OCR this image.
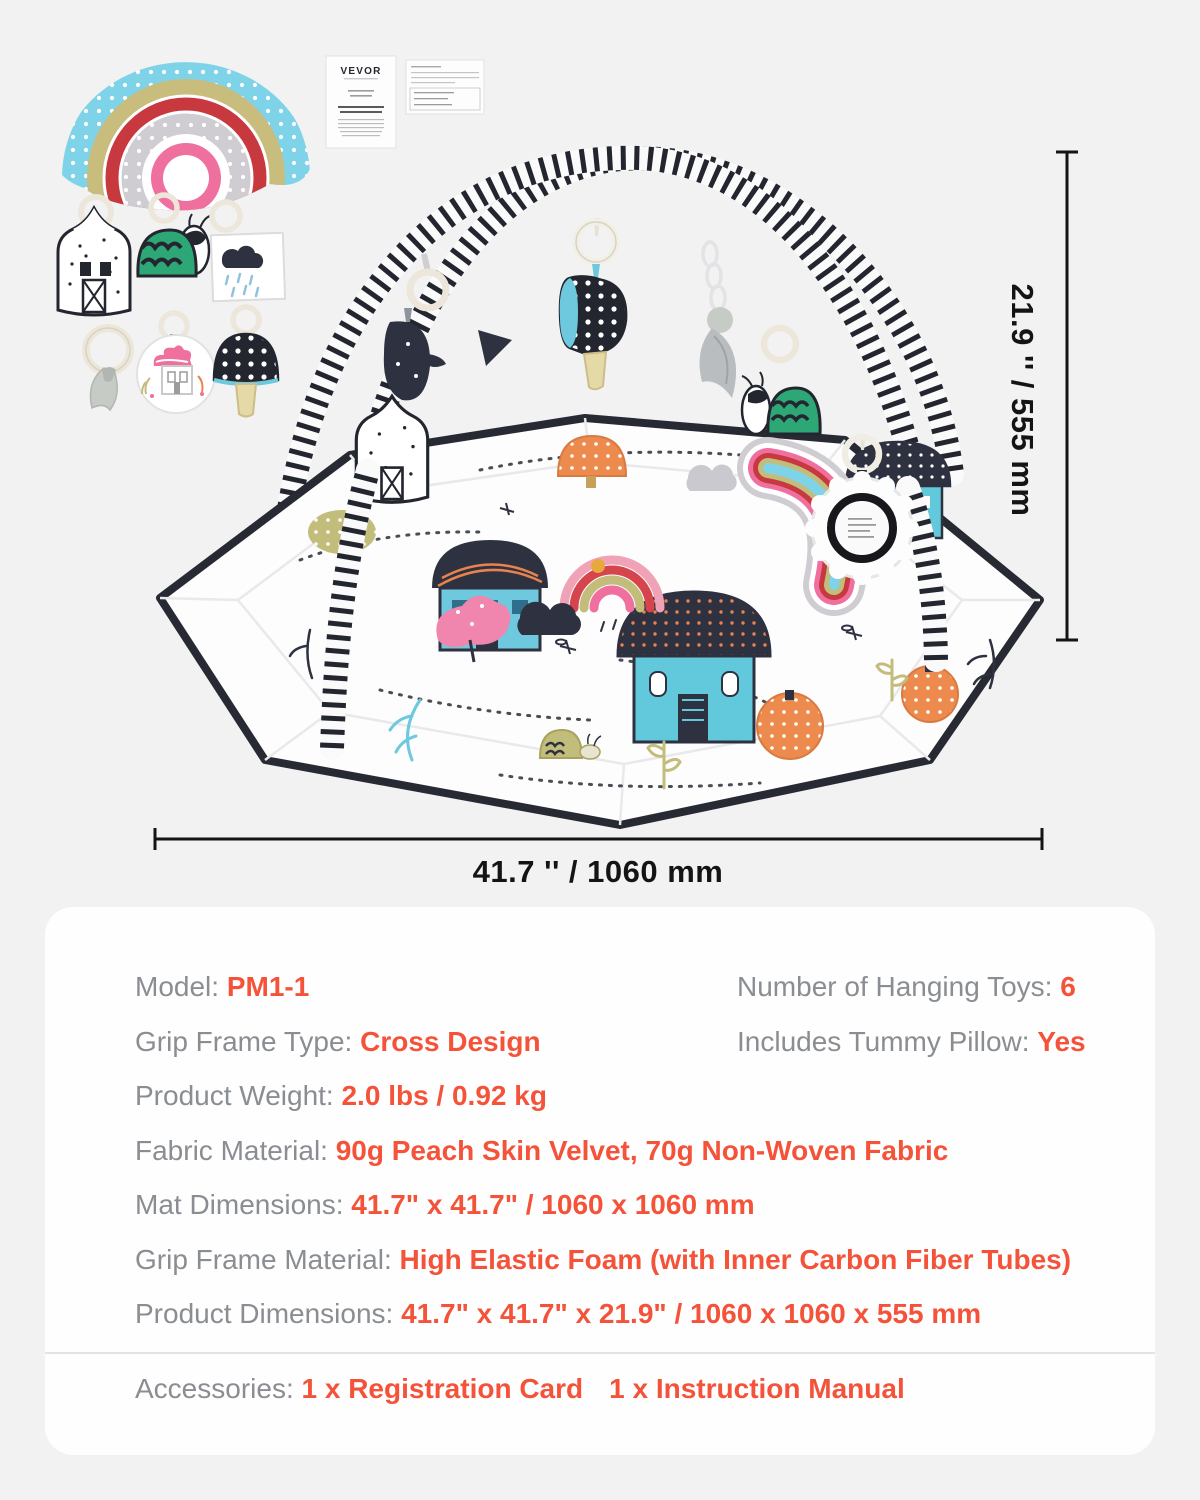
VEVOR
21.9 '' / 555 mm
41.7 '' / 1060 mm
Model: PM1-1	Number of Hanging Toys: 6
Grip Frame Type: Cross Design	Includes Tummy Pillow: Yes
Product Weight: 2.0 lbs / 0.92 kg
Fabric Material: 90g Peach Skin Velvet, 70g Non-Woven Fabric
Mat Dimensions: 41.7" x 41.7" / 1060 x 1060 mm
Grip Frame Material: High Elastic Foam (with Inner Carbon Fiber Tubes)
Product Dimensions: 41.7" x 41.7" x 21.9" / 1060 x 1060 x 555 mm
Accessories: 1 x Registration Card 1 x Instruction Manual
